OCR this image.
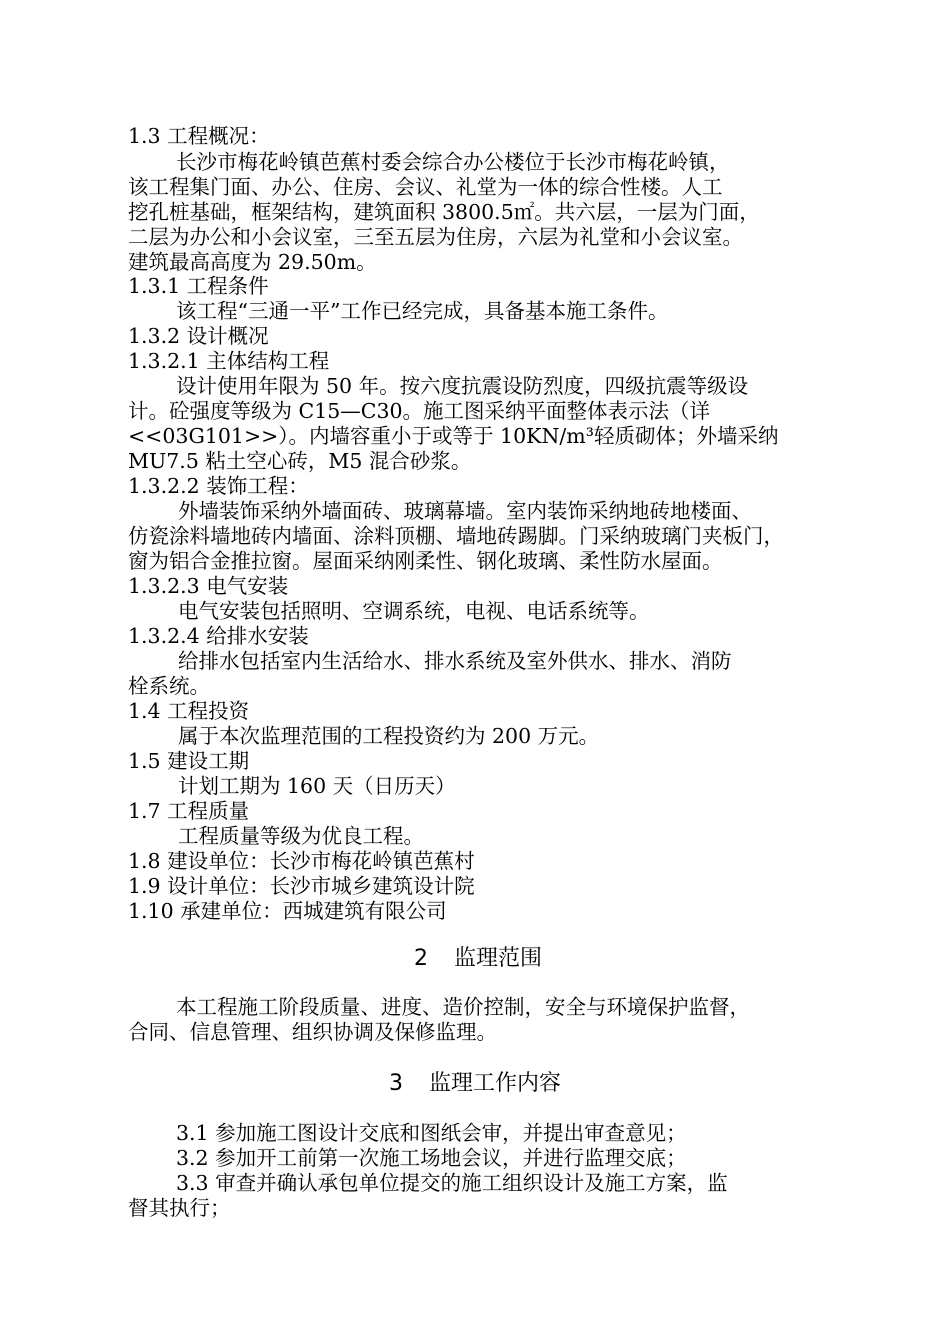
1.3 工程概况：

长沙市梅花岭镇芭蕉村委会综合办公楼位于长沙市梅花岭镇，

该工程集门面、办公、住房、会议、礼堂为一体的综合性楼。人工

挖孔桩基础，框架结构，建筑面积 3800.5㎡。共六层，一层为门面，

二层为办公和小会议室，三至五层为住房，六层为礼堂和小会议室。

建筑最高高度为 29.50m。

1.3.1 工程条件

该工程“三通一平”工作已经完成，具备基本施工条件。

1.3.2 设计概况

1.3.2.1 主体结构工程

设计使用年限为 50 年。按六度抗震设防烈度，四级抗震等级设

计。砼强度等级为 C15—C30。施工图采纳平面整体表示法（详

<<03G101>>）。内墙容重小于或等于 10KN/m³轻质砌体；外墙采纳

MU7.5 粘土空心砖，M5 混合砂浆。

1.3.2.2 装饰工程：

外墙装饰采纳外墙面砖、玻璃幕墙。室内装饰采纳地砖地楼面、

仿瓷涂料墙地砖内墙面、涂料顶棚、墙地砖踢脚。门采纳玻璃门夹板门，

窗为铝合金推拉窗。屋面采纳刚柔性、钢化玻璃、柔性防水屋面。

1.3.2.3 电气安装

电气安装包括照明、空调系统，电视、电话系统等。

1.3.2.4 给排水安装

给排水包括室内生活给水、排水系统及室外供水、排水、消防

栓系统。

1.4 工程投资

属于本次监理范围的工程投资约为 200 万元。

1.5 建设工期

计划工期为 160 天（日历天）

1.7 工程质量

工程质量等级为优良工程。

1.8 建设单位：长沙市梅花岭镇芭蕉村

1.9 设计单位：长沙市城乡建筑设计院

1.10 承建单位：西城建筑有限公司

2 监理范围

本工程施工阶段质量、进度、造价控制，安全与环境保护监督，

合同、信息管理、组织协调及保修监理。

3 监理工作内容

3.1 参加施工图设计交底和图纸会审，并提出审查意见；

3.2 参加开工前第一次施工场地会议，并进行监理交底；

3.3 审查并确认承包单位提交的施工组织设计及施工方案，监

督其执行；
